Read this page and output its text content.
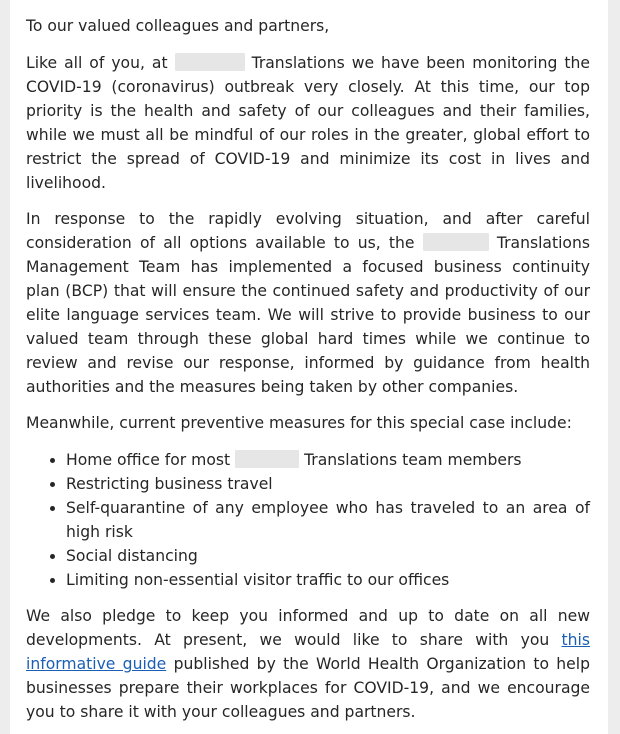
To our valued colleagues and partners,

Like all of you, at	Translations we have been monitoring the COVID-19 (coronavirus) outbreak very closely. At this time, our top priority is the health and safety of our colleagues and their families, while we must all be mindful of our roles in the greater, global effort to restrict the spread of COVID-19 and minimize its cost in lives and livelihood.

In response to the rapidly evolving situation, and after careful consideration of all options available to us, the	Translations Management Team has implemented a focused business continuity plan (BCP) that will ensure the continued safety and productivity of our elite language services team. We will strive to provide business to our valued team through these global hard times while we continue to review and revise our response, informed by guidance from health authorities and the measures being taken by other companies.

Meanwhile, current preventive measures for this special case include:

• Home office for most	Translations team members
• Restricting business travel
• Self-quarantine of any employee who has traveled to an area of high risk
• Social distancing
• Limiting non-essential visitor traffic to our offices

We also pledge to keep you informed and up to date on all new developments. At present, we would like to share with you this informative guide published by the World Health Organization to help businesses prepare their workplaces for COVID-19, and we encourage you to share it with your colleagues and partners.
